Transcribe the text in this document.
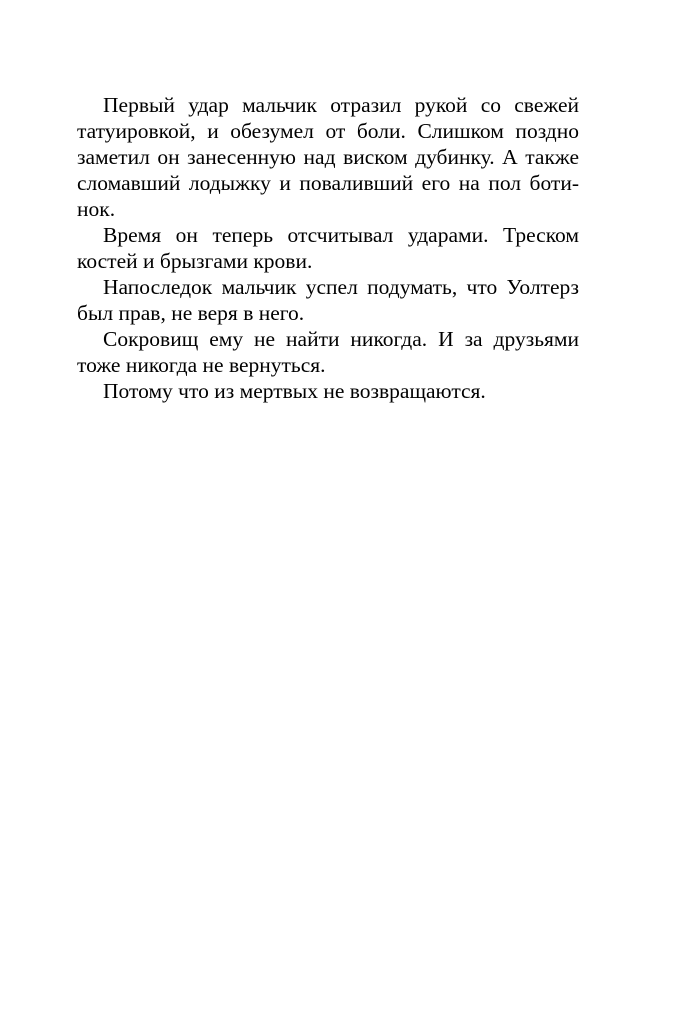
Первый удар мальчик отразил рукой со свежей
татуировкой, и обезумел от боли. Слишком поздно
заметил он занесенную над виском дубинку. А также
сломавший лодыжку и поваливший его на пол боти-
нок.
Время он теперь отсчитывал ударами. Треском
костей и брызгами крови.
Напоследок мальчик успел подумать, что Уолтерз
был прав, не веря в него.
Сокровищ ему не найти никогда. И за друзьями
тоже никогда не вернуться.
Потому что из мертвых не возвращаются.
